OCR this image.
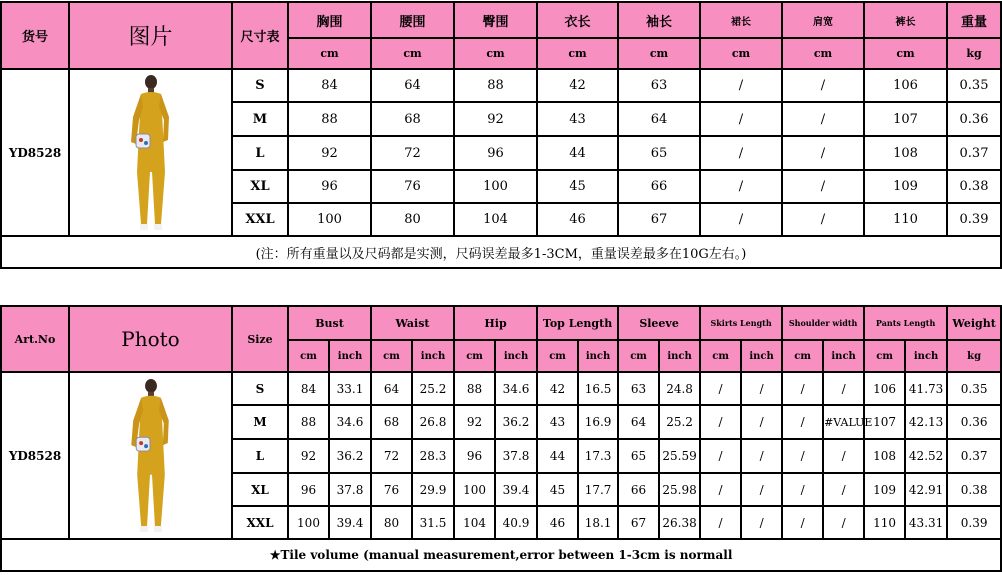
货号	图片	尺寸表	胸围	腰围	臀围	衣长	袖长	裙长	肩宽	裤长	重量
			cm	cm	cm	cm	cm	cm	cm	cm	kg
YD8528		S	84	64	88	42	63	/	/	106	0.35
		M	88	68	92	43	64	/	/	107	0.36
		L	92	72	96	44	65	/	/	108	0.37
		XL	96	76	100	45	66	/	/	109	0.38
		XXL	100	80	104	46	67	/	/	110	0.39
(注：所有重量以及尺码都是实测，尺码误差最多1-3CM，重量误差最多在10G左右。)											
Art.No	Photo	Size	Bust		Waist		Hip		Top Length		Sleeve		Skirts Length		Shoulder width		Pants Length		Weight
			cm	inch	cm	inch	cm	inch	cm	inch	cm	inch	cm	inch	cm	inch	cm	inch	kg
YD8528		S	84	33.1	64	25.2	88	34.6	42	16.5	63	24.8	/	/	/	/	106	41.73	0.35
		M	88	34.6	68	26.8	92	36.2	43	16.9	64	25.2	/	/	/	#VALUE	107	42.13	0.36
		L	92	36.2	72	28.3	96	37.8	44	17.3	65	25.59	/	/	/	/	108	42.52	0.37
		XL	96	37.8	76	29.9	100	39.4	45	17.7	66	25.98	/	/	/	/	109	42.91	0.38
		XXL	100	39.4	80	31.5	104	40.9	46	18.1	67	26.38	/	/	/	/	110	43.31	0.39
★Tile volume (manual measurement,error between 1-3cm is normall																			
